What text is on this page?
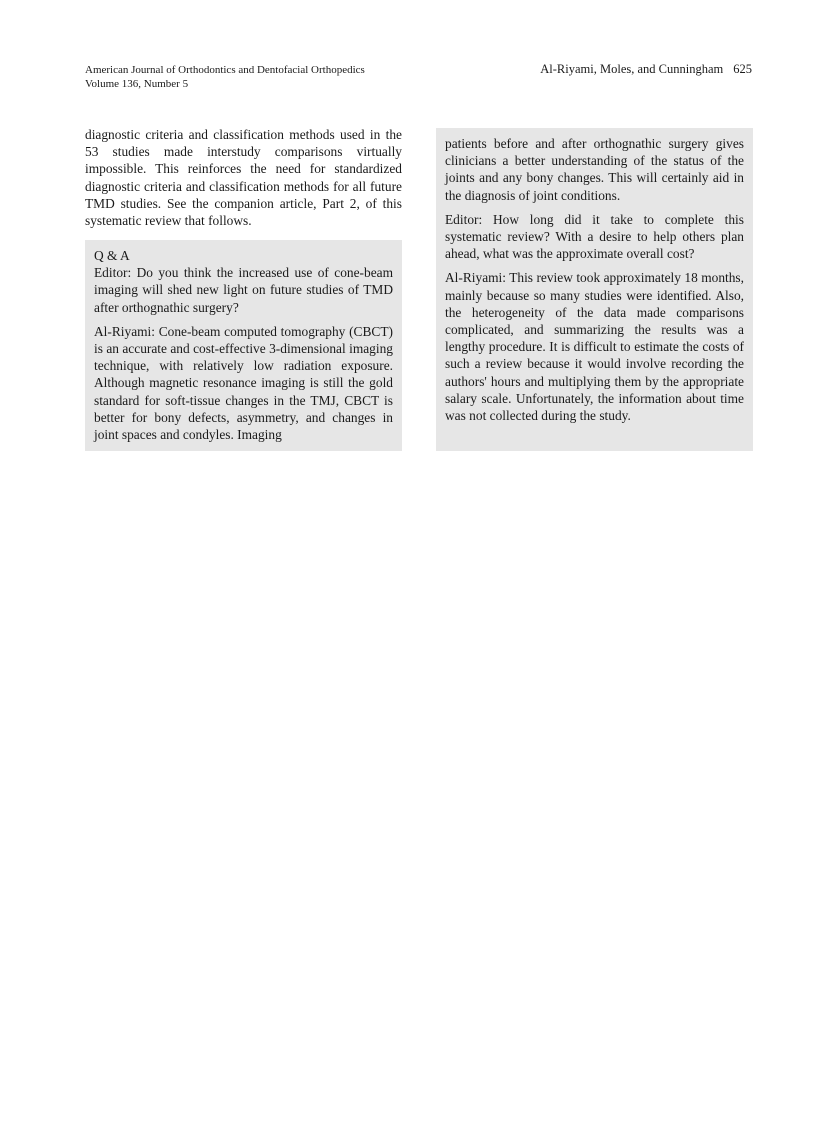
American Journal of Orthodontics and Dentofacial Orthopedics
Volume 136, Number 5
Al-Riyami, Moles, and Cunningham 625

diagnostic criteria and classification methods used in the 53 studies made interstudy comparisons virtually impossible. This reinforces the need for standardized diagnostic criteria and classification methods for all future TMD studies. See the companion article, Part 2, of this systematic review that follows.

Q & A

Editor: Do you think the increased use of cone-beam imaging will shed new light on future studies of TMD after orthognathic surgery?

Al-Riyami: Cone-beam computed tomography (CBCT) is an accurate and cost-effective 3-dimensional imaging technique, with relatively low radiation exposure. Although magnetic resonance imaging is still the gold standard for soft-tissue changes in the TMJ, CBCT is better for bony defects, asymmetry, and changes in joint spaces and condyles. Imaging

patients before and after orthognathic surgery gives clinicians a better understanding of the status of the joints and any bony changes. This will certainly aid in the diagnosis of joint conditions.

Editor: How long did it take to complete this systematic review? With a desire to help others plan ahead, what was the approximate overall cost?

Al-Riyami: This review took approximately 18 months, mainly because so many studies were identified. Also, the heterogeneity of the data made comparisons complicated, and summarizing the results was a lengthy procedure. It is difficult to estimate the costs of such a review because it would involve recording the authors' hours and multiplying them by the appropriate salary scale. Unfortunately, the information about time was not collected during the study.
